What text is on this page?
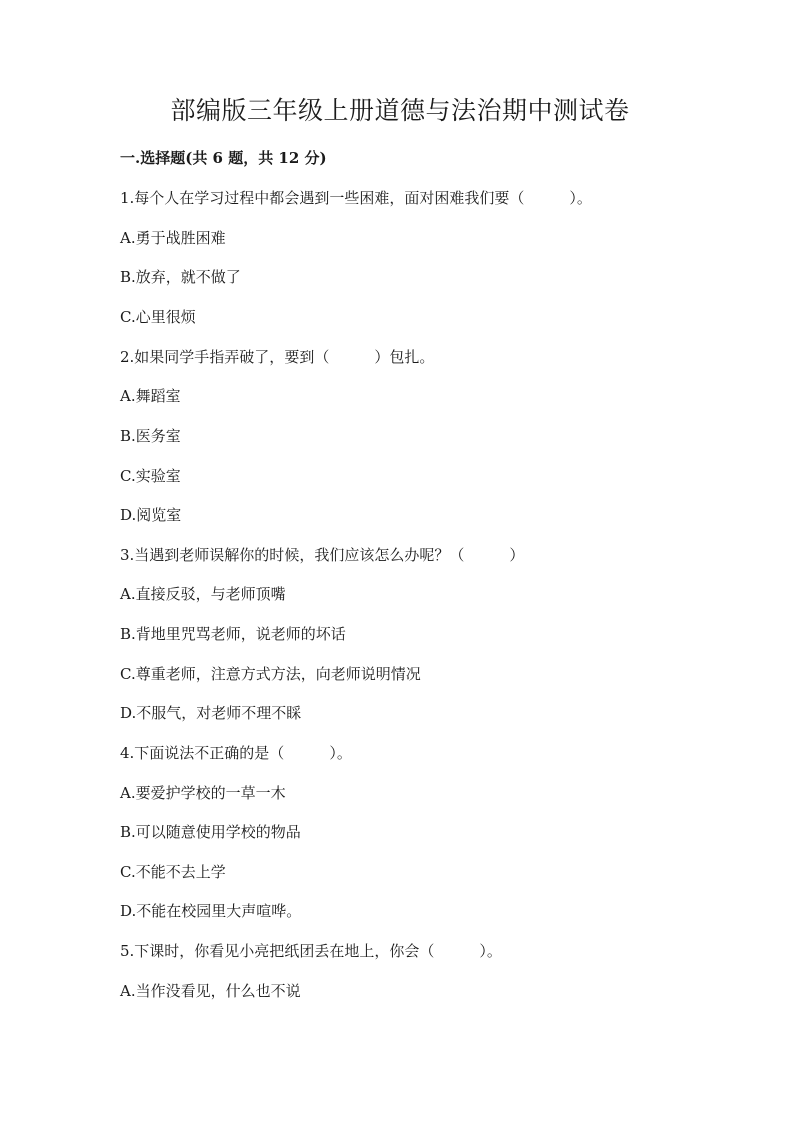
部编版三年级上册道德与法治期中测试卷
一.选择题(共 6 题，共 12 分)
1.每个人在学习过程中都会遇到一些困难，面对困难我们要（　　　）。
A.勇于战胜困难
B.放弃，就不做了
C.心里很烦
2.如果同学手指弄破了，要到（　　　）包扎。
A.舞蹈室
B.医务室
C.实验室
D.阅览室
3.当遇到老师误解你的时候，我们应该怎么办呢？（　　　）
A.直接反驳，与老师顶嘴
B.背地里咒骂老师，说老师的坏话
C.尊重老师，注意方式方法，向老师说明情况
D.不服气，对老师不理不睬
4.下面说法不正确的是（　　　）。
A.要爱护学校的一草一木
B.可以随意使用学校的物品
C.不能不去上学
D.不能在校园里大声喧哗。
5.下课时，你看见小亮把纸团丢在地上，你会（　　　）。
A.当作没看见，什么也不说
